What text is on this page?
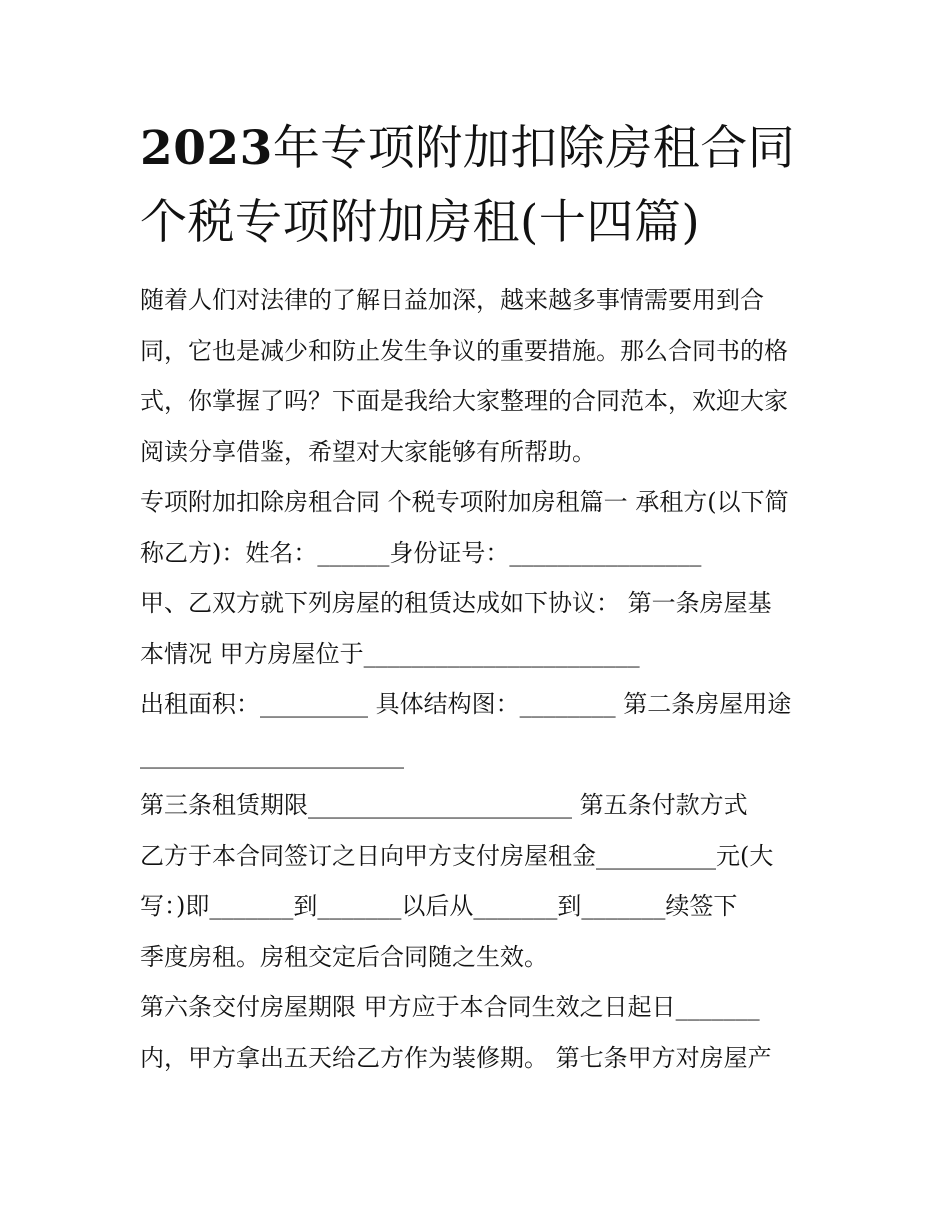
2023年专项附加扣除房租合同
个税专项附加房租(十四篇)
随着人们对法律的了解日益加深，越来越多事情需要用到合
同，它也是减少和防止发生争议的重要措施。那么合同书的格
式，你掌握了吗？下面是我给大家整理的合同范本，欢迎大家
阅读分享借鉴，希望对大家能够有所帮助。
专项附加扣除房租合同 个税专项附加房租篇一 承租方(以下简
称乙方)：姓名：______身份证号：________________
甲、乙双方就下列房屋的租赁达成如下协议： 第一条房屋基
本情况 甲方房屋位于_______________________
出租面积：_________ 具体结构图：________ 第二条房屋用途
______________________
第三条租赁期限______________________ 第五条付款方式
乙方于本合同签订之日向甲方支付房屋租金__________元(大
写：)即_______到_______以后从_______到_______续签下
季度房租。房租交定后合同随之生效。
第六条交付房屋期限 甲方应于本合同生效之日起日_______
内，甲方拿出五天给乙方作为装修期。 第七条甲方对房屋产
